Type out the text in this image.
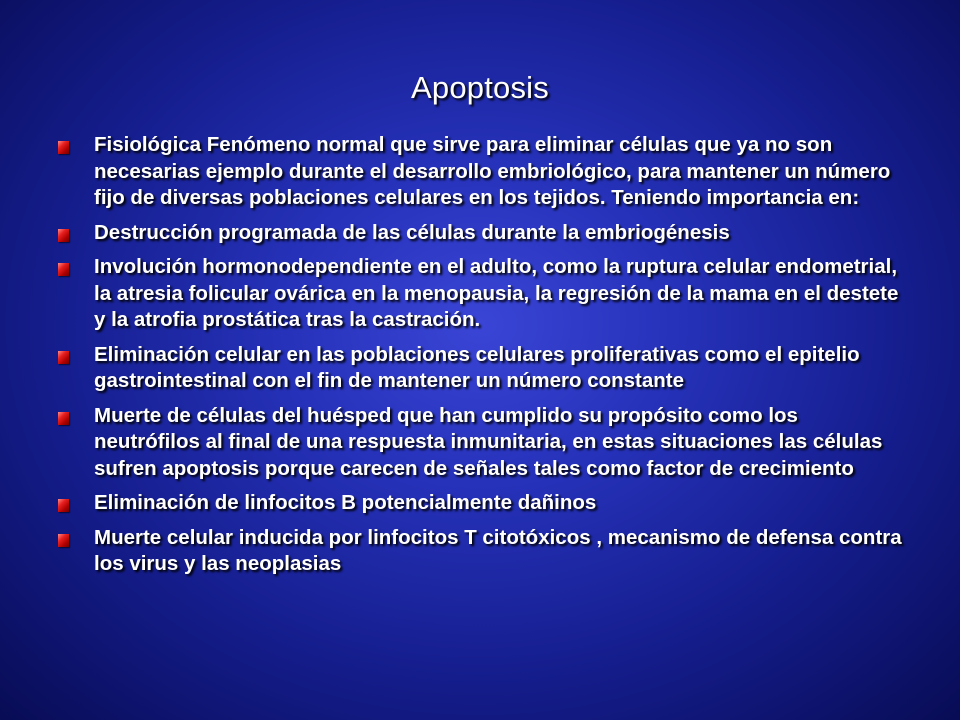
Apoptosis
Fisiológica Fenómeno normal que sirve para eliminar células que ya no son necesarias ejemplo durante el desarrollo embriológico, para mantener un número fijo de diversas poblaciones celulares en los tejidos. Teniendo importancia en:
Destrucción programada de las células durante la embriogénesis
Involución hormonodependiente en el adulto, como la ruptura celular endometrial, la atresia folicular ovárica en la menopausia, la regresión de la mama en el destete y la atrofia prostática tras la castración.
Eliminación celular en las poblaciones celulares proliferativas como el epitelio gastrointestinal con el fin de mantener un número constante
Muerte de células del huésped que han cumplido su propósito como los neutrófilos al final de una respuesta inmunitaria, en estas situaciones las células sufren apoptosis porque carecen de señales tales como factor de crecimiento
Eliminación de linfocitos B potencialmente dañinos
Muerte celular inducida por linfocitos T citotóxicos , mecanismo de defensa contra los virus y las neoplasias
